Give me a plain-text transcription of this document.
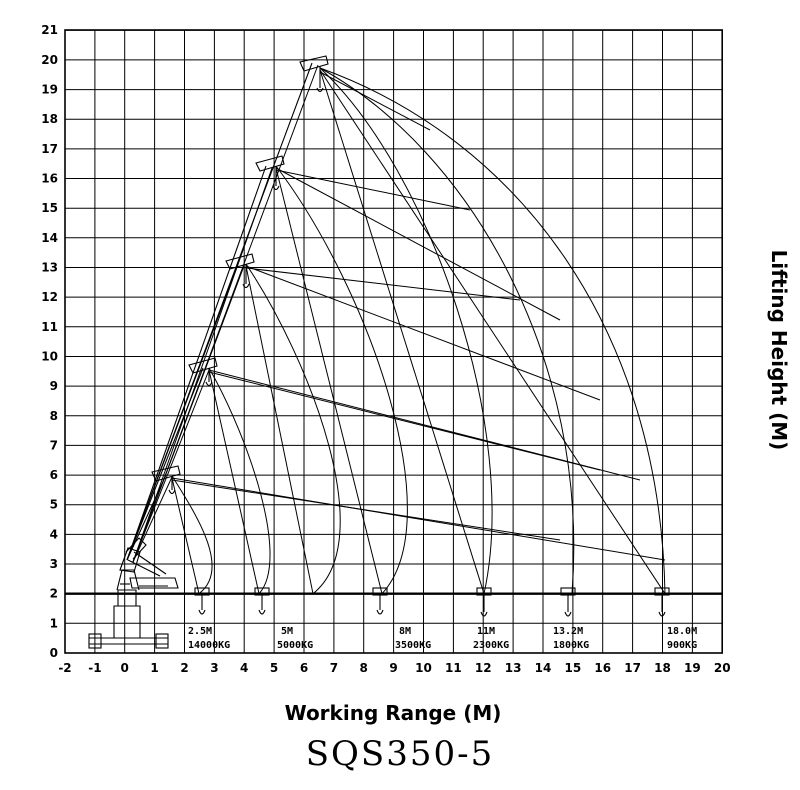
0
1
2
3
4
5
6
7
8
9
10
11
12
13
14
15
16
17
18
19
20
21
-2 -1 0 1 2 3 4 5 6 7 8 9 10 11 12 13 14 15 16 17 18 19 20
2.5M
14000KG
5M
5000KG
8M
3500KG
11M
2300KG
13.2M
1800KG
18.0M
900KG
Working Range (M)
Lifting Height (M)
SQS350-5
